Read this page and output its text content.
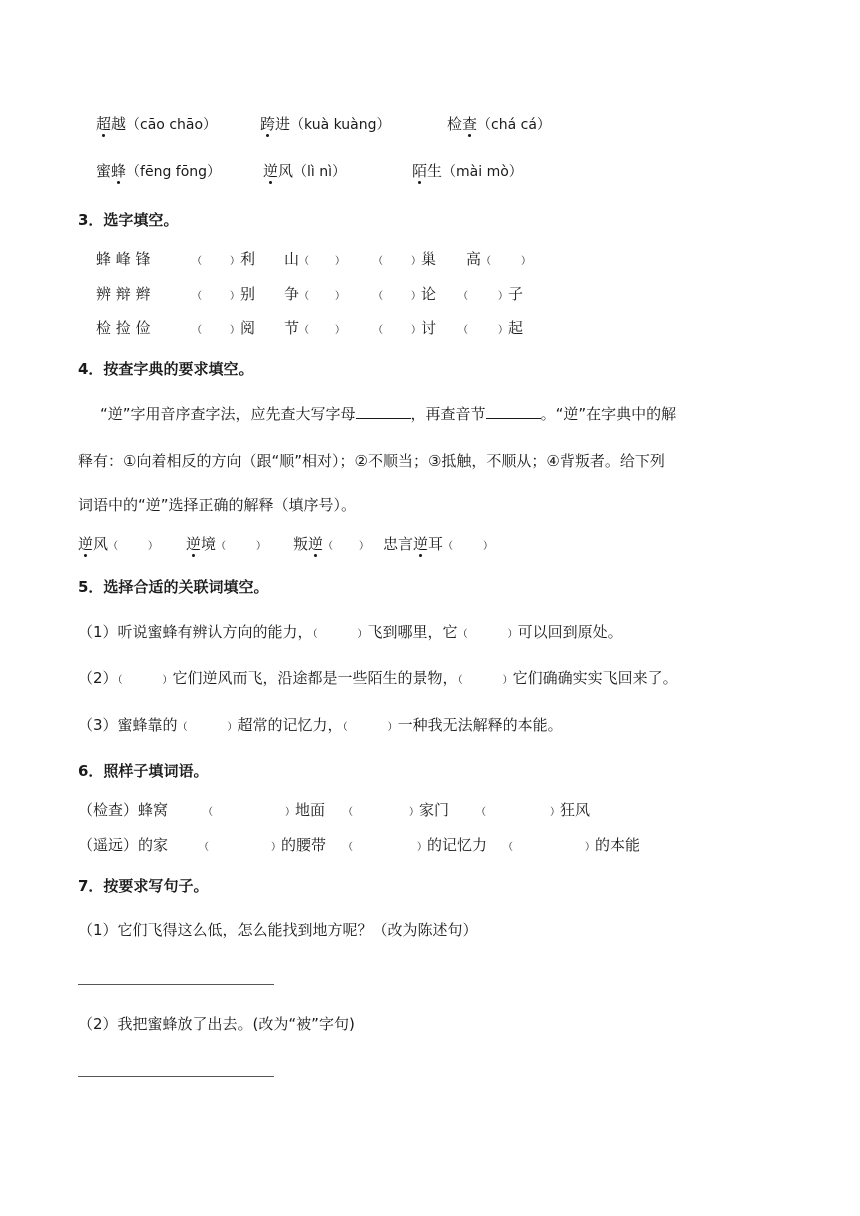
超越（cāo chāo）	跨进（kuà kuàng）	检查（chá cá）
蜜蜂（fēng fōng）	逆风（lì nì）	陌生（mài mò）
3．选字填空。
蜂 峰 锋	（	）利 山（	）	（	）巢 高（	）
辨 辩 辫	（	）别 争（	）	（	）论 （	）子
检 捡 俭	（	）阅 节（	）	（	）讨 （	）起
4．按查字典的要求填空。
“逆”字用音序查字法，应先查大写字母	，再查音节	。“逆”在字典中的解
释有：①向着相反的方向（跟“顺”相对）；②不顺当；③抵触，不顺从；④背叛者。给下列
词语中的“逆”选择正确的解释（填序号）。
逆风（	） 逆境（	） 叛逆（	） 忠言逆耳（	）
5．选择合适的关联词填空。
（1）听说蜜蜂有辨认方向的能力，（	）飞到哪里，它（	）可以回到原处。
（2）（	）它们逆风而飞，沿途都是一些陌生的景物，（	）它们确确实实飞回来了。
（3）蜜蜂靠的（	）超常的记忆力，（	）一种我无法解释的本能。
6．照样子填词语。
（检查）蜂窝	（	）地面 （	）家门	（	）狂风
（遥远）的家	（	）的腰带 （	）的记忆力 （	）的本能
7．按要求写句子。
（1）它们飞得这么低，怎么能找到地方呢？（改为陈述句）
（2）我把蜜蜂放了出去。(改为“被”字句)
